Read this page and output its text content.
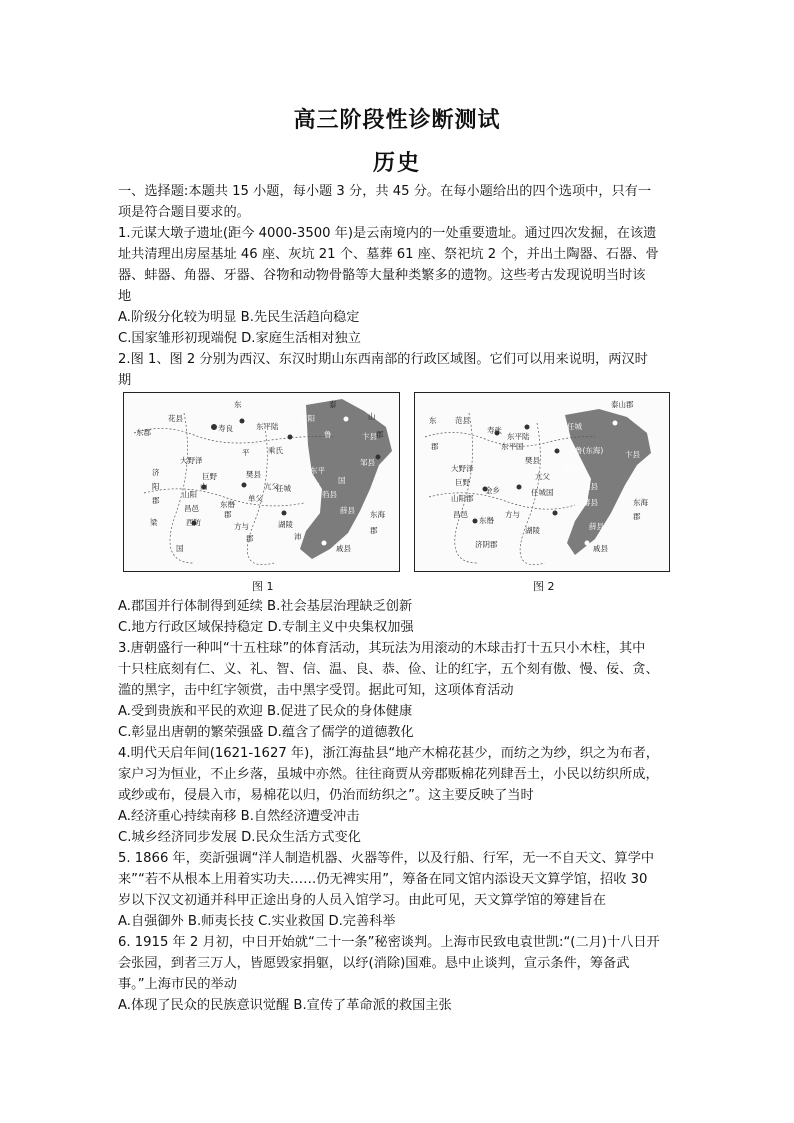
高三阶段性诊断测试
历史
一、选择题:本题共 15 小题，每小题 3 分，共 45 分。在每小题给出的四个选项中，只有一
项是符合题目要求的。
1.元谋大墩子遗址(距今 4000-3500 年)是云南境内的一处重要遗址。通过四次发掘，在该遗
址共清理出房屋基址 46 座、灰坑 21 个、墓葬 61 座、祭祀坑 2 个，并出土陶器、石器、骨
器、蚌器、角器、牙器、谷物和动物骨骼等大量种类繁多的遗物。这些考古发现说明当时该
地
A.阶级分化较为明显 B.先民生活趋向稳定
C.国家雏形初现端倪 D.家庭生活相对独立
2.图 1、图 2 分别为西汉、东汉时期山东西南部的行政区域图。它们可以用来说明，两汉时
期
东	泰
山
郡
花县
东平陆
寿良
沛阳
鲁	卞县
东郡
大野泽
平
亢父
乘氏
任城
邹县
巨野
山
东平
蕃
济
阳
郡
昌邑
单父	驺县
国
山阳
湖陵
薛县
梁	西防	方与
东缗
郡
戚县
国
东海
郡
樊县
沛
郡
东
泰山郡
范县
寿张
东平陆
任城
鲁(东海)	卞县
东平国
亢父
南平
大野泽
巨野
樊县
驺县
郡
山阳郡
金乡	任城国
蕃县
昌邑	方与
薛县
东海
郡
东缗
湖陵
戚县
济阴郡
图 1	图 2
A.郡国并行体制得到延续 B.社会基层治理缺乏创新
C.地方行政区域保持稳定 D.专制主义中央集权加强
3.唐朝盛行一种叫“十五柱球”的体育活动，其玩法为用滚动的木球击打十五只小木柱，其中
十只柱底刻有仁、义、礼、智、信、温、良、恭、俭、让的红字，五个刻有傲、慢、佞、贪、
滥的黑字，击中红字领赏，击中黑字受罚。据此可知，这项体育活动
A.受到贵族和平民的欢迎 B.促进了民众的身体健康
C.彰显出唐朝的繁荣强盛 D.蕴含了儒学的道德教化
4.明代天启年间(1621-1627 年)，浙江海盐县“地产木棉花甚少，而纺之为纱，织之为布者，
家户习为恒业，不止乡落，虽城中亦然。往往商贾从旁郡贩棉花列肆吾土，小民以纺织所成，
或纱或布，侵晨入市，易棉花以归，仍治而纺织之”。这主要反映了当时
A.经济重心持续南移 B.自然经济遭受冲击
C.城乡经济同步发展 D.民众生活方式变化
5. 1866 年，奕訢强调“洋人制造机器、火器等件，以及行船、行军，无一不自天文、算学中
来”“若不从根本上用着实功夫……仍无裨实用”，筹备在同文馆内添设天文算学馆，招收 30
岁以下汉文初通并科甲正途出身的人员入馆学习。由此可见，天文算学馆的筹建旨在
A.自强御外 B.师夷长技 C.实业救国 D.完善科举
6. 1915 年 2 月初，中日开始就“二十一条”秘密谈判。上海市民致电袁世凯:“(二月)十八日开
会张园，到者三万人，皆愿毁家捐躯，以纾(消除)国难。恳中止谈判，宣示条件，筹备武
事。”上海市民的举动
A.体现了民众的民族意识觉醒 B.宣传了革命派的救国主张
